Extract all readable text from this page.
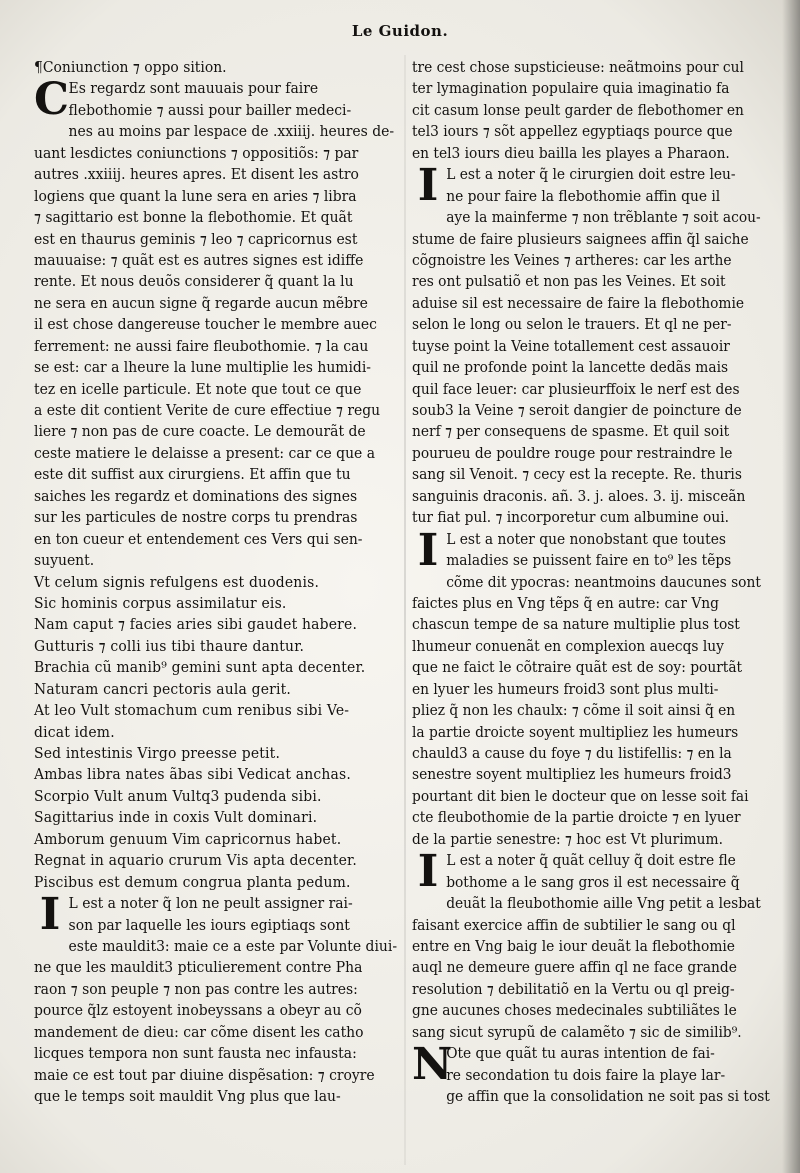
Le Guidon.
¶Coniunction ⁊ oppo sition.
C Es regardz sont mauuais pour faire
flebothomie ⁊ aussi pour bailler medeci-
nes au moins par lespace de .xxiiij. heures de-
uant lesdictes coniunctions ⁊ oppositiõs: ⁊ par
autres .xxiiij. heures apres. Et disent les astro
logiens que quant la lune sera en aries ⁊ libra
⁊ sagittario est bonne la flebothomie. Et quãt
est en thaurus geminis ⁊ leo ⁊ capricornus est
mauuaise: ⁊ quãt est es autres signes est idiffe
rente. Et nous deuõs considerer q̃ quant la lu
ne sera en aucun signe q̃ regarde aucun mẽbre
il est chose dangereuse toucher le membre auec
ferrement: ne aussi faire fleubothomie. ⁊ la cau
se est: car a lheure la lune multiplie les humidi-
tez en icelle particule. Et note que tout ce que
a este dit contient Verite de cure effectiue ⁊ regu
liere ⁊ non pas de cure coacte. Le demourãt de
ceste matiere le delaisse a present: car ce que a
este dit suffist aux cirurgiens. Et affin que tu
saiches les regardz et dominations des signes
sur les particules de nostre corps tu prendras
en ton cueur et entendement ces Vers qui sen-
suyuent.
Vt celum signis refulgens est duodenis.
Sic hominis corpus assimilatur eis.
Nam caput ⁊ facies aries sibi gaudet habere.
Gutturis ⁊ colli ius tibi thaure dantur.
Brachia cũ manib⁹ gemini sunt apta decenter.
Naturam cancri pectoris aula gerit.
At leo Vult stomachum cum renibus sibi Ve-
dicat idem.
Sed intestinis Virgo preesse petit.
Ambas libra nates ãbas sibi Vedicat anchas.
Scorpio Vult anum Vultq3 pudenda sibi.
Sagittarius inde in coxis Vult dominari.
Amborum genuum Vim capricornus habet.
Regnat in aquario crurum Vis apta decenter.
Piscibus est demum congrua planta pedum.
I L est a noter q̃ lon ne peult assigner rai-
son par laquelle les iours egiptiaqs sont
este mauldit3: maie ce a este par Volunte diui-
ne que les mauldit3 pticulierement contre Pha
raon ⁊ son peuple ⁊ non pas contre les autres:
pource q̃lz estoyent inobeyssans a obeyr au cõ
mandement de dieu: car cõme disent les catho
licques tempora non sunt fausta nec infausta:
maie ce est tout par diuine dispẽsation: ⁊ croyre
que le temps soit mauldit Vng plus que lau-
tre cest chose supsticieuse: neãtmoins pour cul
ter lymagination populaire quia imaginatio fa
cit casum lonse peult garder de flebothomer en
tel3 iours ⁊ sõt appellez egyptiaqs pource que
en tel3 iours dieu bailla les playes a Pharaon.
I L est a noter q̃ le cirurgien doit estre leu-
ne pour faire la flebothomie affin que il
aye la mainferme ⁊ non trẽblante ⁊ soit acou-
stume de faire plusieurs saignees affin q̃l saiche
cõgnoistre les Veines ⁊ artheres: car les arthe
res ont pulsatiõ et non pas les Veines. Et soit
aduise sil est necessaire de faire la flebothomie
selon le long ou selon le trauers. Et ql ne per-
tuyse point la Veine totallement cest assauoir
quil ne profonde point la lancette dedãs mais
quil face leuer: car plusieurffoix le nerf est des
soub3 la Veine ⁊ seroit dangier de poincture de
nerf ⁊ per consequens de spasme. Et quil soit
pourueu de pouldre rouge pour restraindre le
sang sil Venoit. ⁊ cecy est la recepte. Re. thuris
sanguinis draconis. añ. 3. j. aloes. 3. ij. misceãn
tur fiat pul. ⁊ incorporetur cum albumine oui.
I L est a noter que nonobstant que toutes
maladies se puissent faire en to⁹ les tẽps
cõme dit ypocras: neantmoins daucunes sont
faictes plus en Vng tẽps q̃ en autre: car Vng
chascun tempe de sa nature multiplie plus tost
lhumeur conuenãt en complexion auecqs luy
que ne faict le cõtraire quãt est de soy: pourtãt
en lyuer les humeurs froid3 sont plus multi-
pliez q̃ non les chaulx: ⁊ cõme il soit ainsi q̃ en
la partie droicte soyent multipliez les humeurs
chauld3 a cause du foye ⁊ du listifellis: ⁊ en la
senestre soyent multipliez les humeurs froid3
pourtant dit bien le docteur que on lesse soit fai
cte fleubothomie de la partie droicte ⁊ en lyuer
de la partie senestre: ⁊ hoc est Vt plurimum.
I L est a noter q̃ quãt celluy q̃ doit estre fle
bothome a le sang gros il est necessaire q̃
deuãt la fleubothomie aille Vng petit a lesbat
faisant exercice affin de subtilier le sang ou ql
entre en Vng baig le iour deuãt la flebothomie
auql ne demeure guere affin ql ne face grande
resolution ⁊ debilitatiõ en la Vertu ou ql preig-
gne aucunes choses medecinales subtiliãtes le
sang sicut syrupũ de calamẽto ⁊ sic de similib⁹.
N
Ote que quãt tu auras intention de fai-
re secondation tu dois faire la playe lar-
ge affin que la consolidation ne soit pas si tost
